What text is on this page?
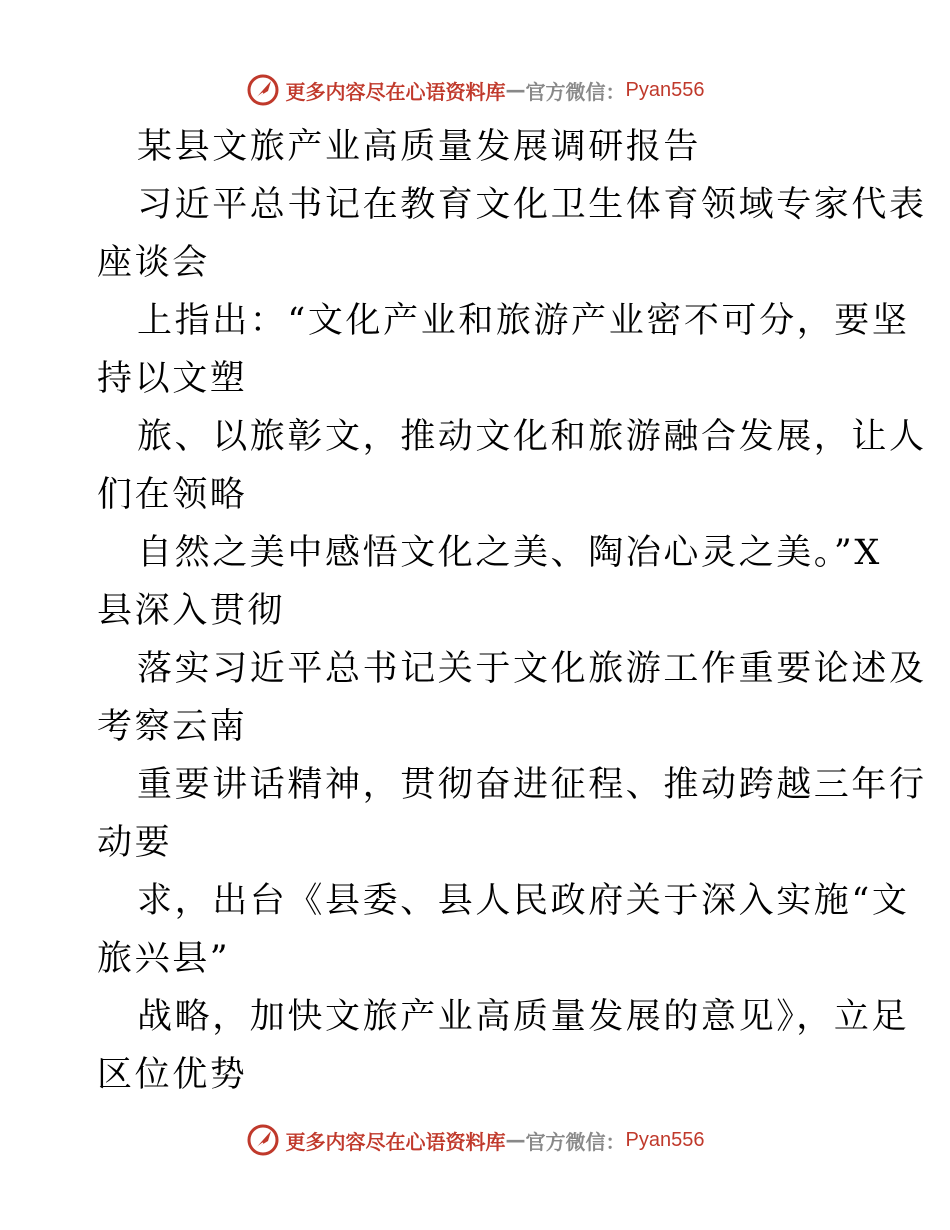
更多内容尽在心语资料库 — 官方微信： Pyan556
某县文旅产业高质量发展调研报告
习近平总书记在教育文化卫生体育领域专家代表
座谈会
上指出：“文化产业和旅游产业密不可分，要坚
持以文塑
旅、以旅彰文，推动文化和旅游融合发展，让人
们在领略
自然之美中感悟文化之美、陶冶心灵之美。”X
县深入贯彻
落实习近平总书记关于文化旅游工作重要论述及
考察云南
重要讲话精神，贯彻奋进征程、推动跨越三年行
动要
求，出台《县委、县人民政府关于深入实施“文
旅兴县”
战略，加快文旅产业高质量发展的意见》，立足
区位优势
更多内容尽在心语资料库 — 官方微信： Pyan556
